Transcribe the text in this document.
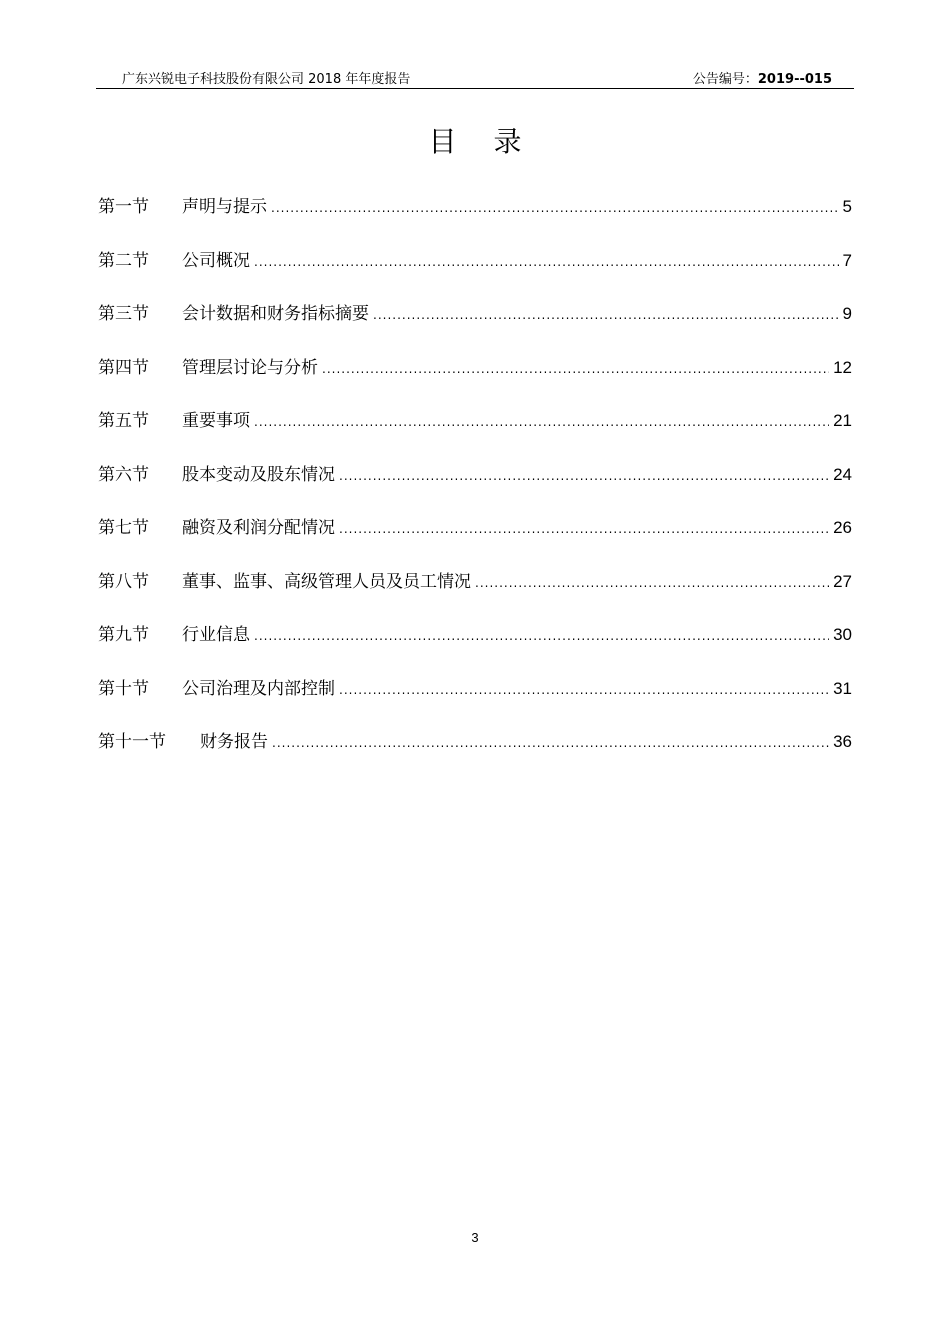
广东兴锐电子科技股份有限公司 2018 年年度报告	公告编号：2019--015
目 录
第一节	声明与提示 .....	5
第二节	公司概况 .....	7
第三节	会计数据和财务指标摘要 .....	9
第四节	管理层讨论与分析 .....	12
第五节	重要事项 .....	21
第六节	股本变动及股东情况 .....	24
第七节	融资及利润分配情况 .....	26
第八节	董事、监事、高级管理人员及员工情况 .....	27
第九节	行业信息 .....	30
第十节	公司治理及内部控制 .....	31
第十一节	财务报告 .....	36
3
